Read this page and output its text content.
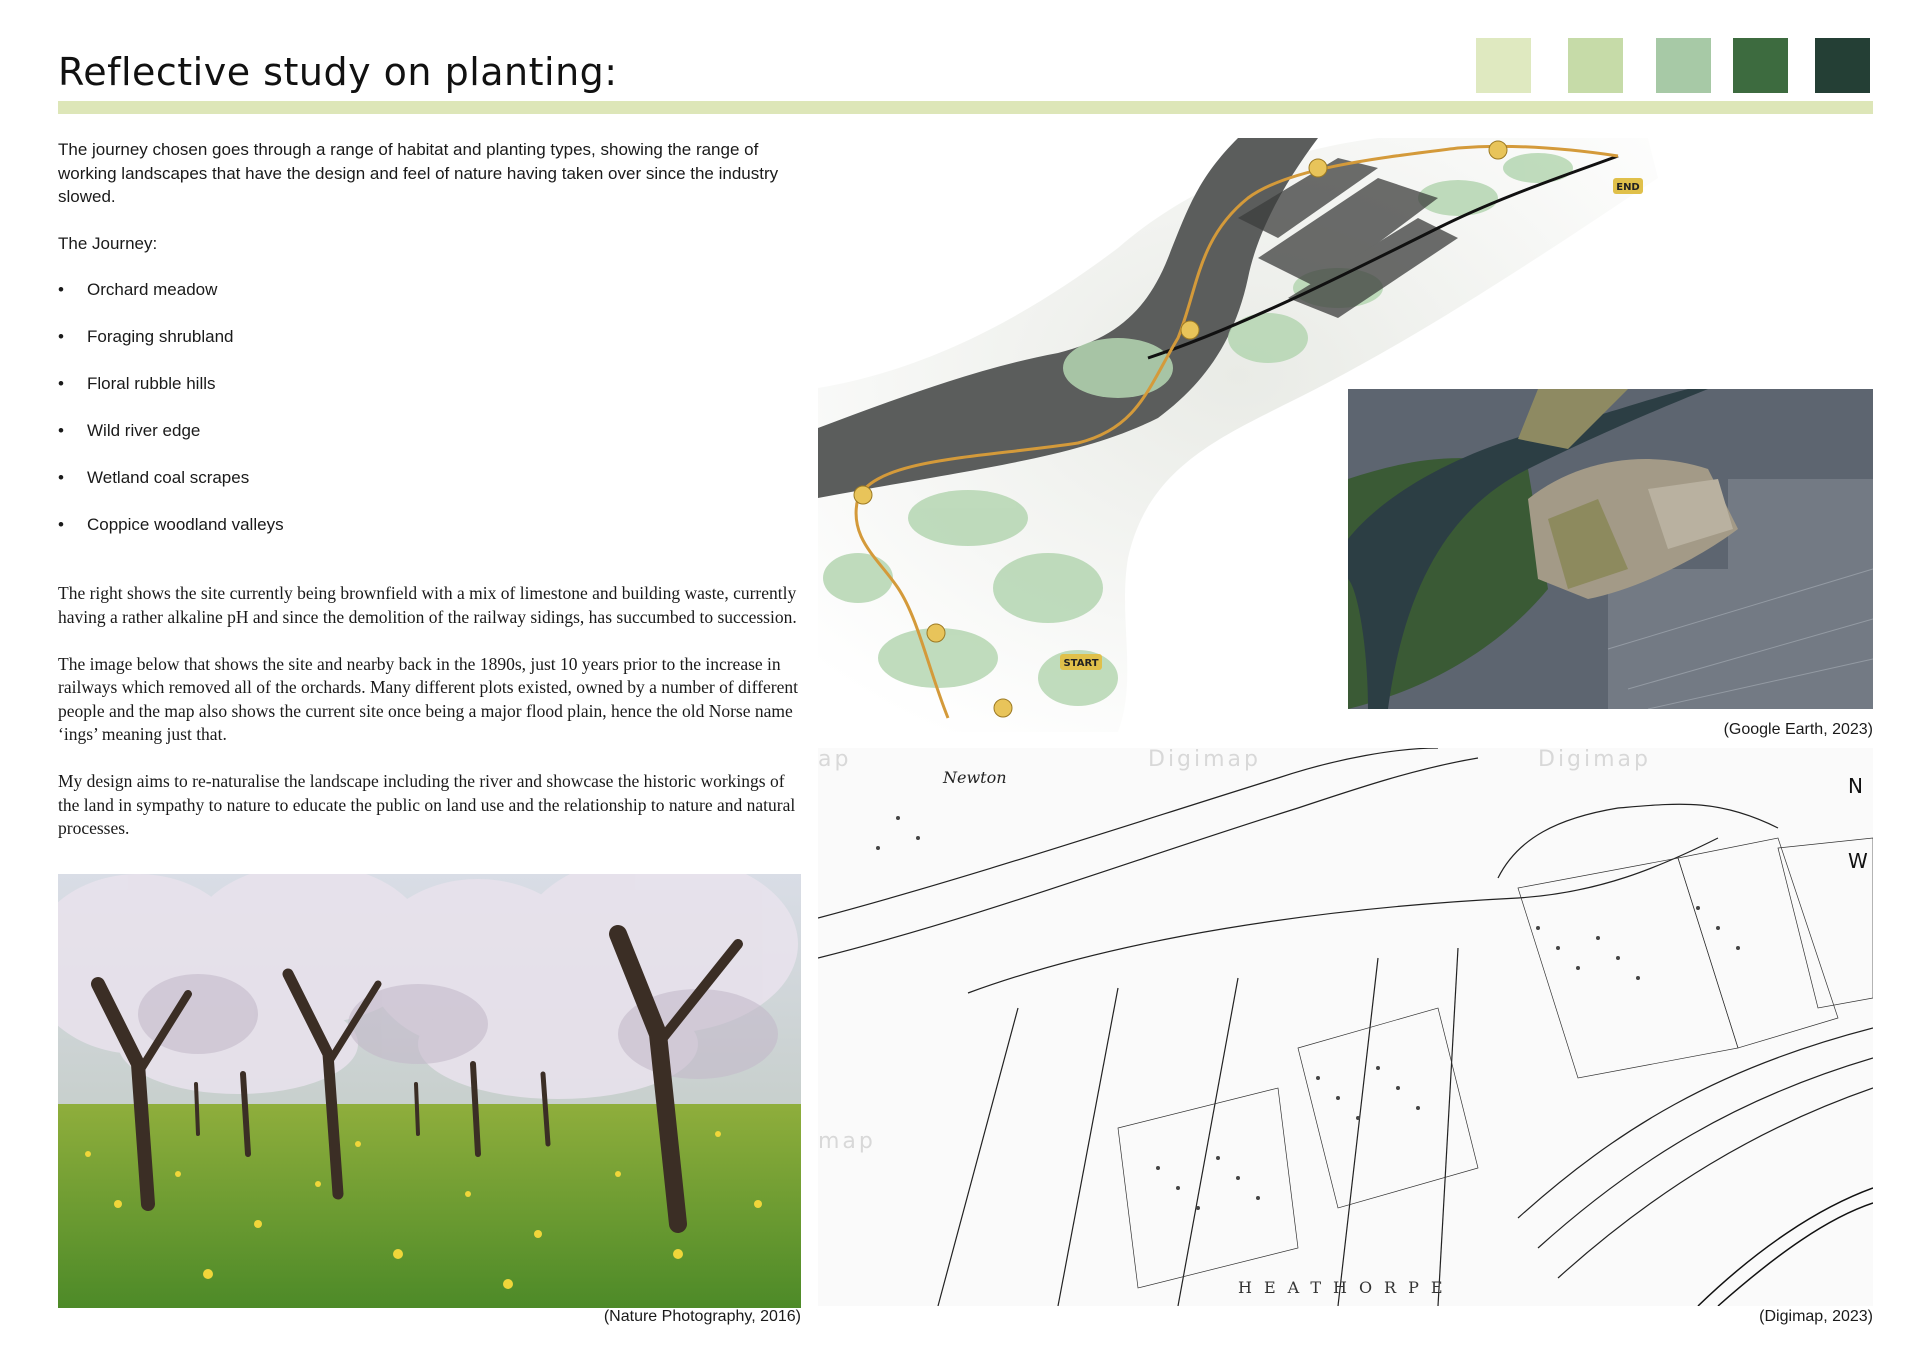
Reflective study on planting:

The journey chosen goes through a range of habitat and planting types, showing the range of working landscapes that have the design and feel of nature having taken over since the industry slowed.

The Journey:

• Orchard meadow
• Foraging shrubland
• Floral rubble hills
• Wild river edge
• Wetland coal scrapes
• Coppice woodland valleys

The right shows the site currently being brownfield with a mix of limestone and building waste, currently having a rather alkaline pH and since the demolition of the railway sidings, has succumbed to succession.

The image below that shows the site and nearby back in the 1890s, just 10 years prior to the increase in railways which removed all of the orchards. Many different plots existed, owned by a number of different people and the map also shows the current site once being a major flood plain, hence the old Norse name ‘ings’ meaning just that.

My design aims to re-naturalise the landscape including the river and showcase the historic workings of the land in sympathy to nature to educate the public on land use and the relationship to nature and natural processes.

START
END
(Google Earth, 2023)
Newton
HEATHORPE
Digimap	Digimap
map
ap
N
W
(Digimap, 2023)
(Nature Photography, 2016)
